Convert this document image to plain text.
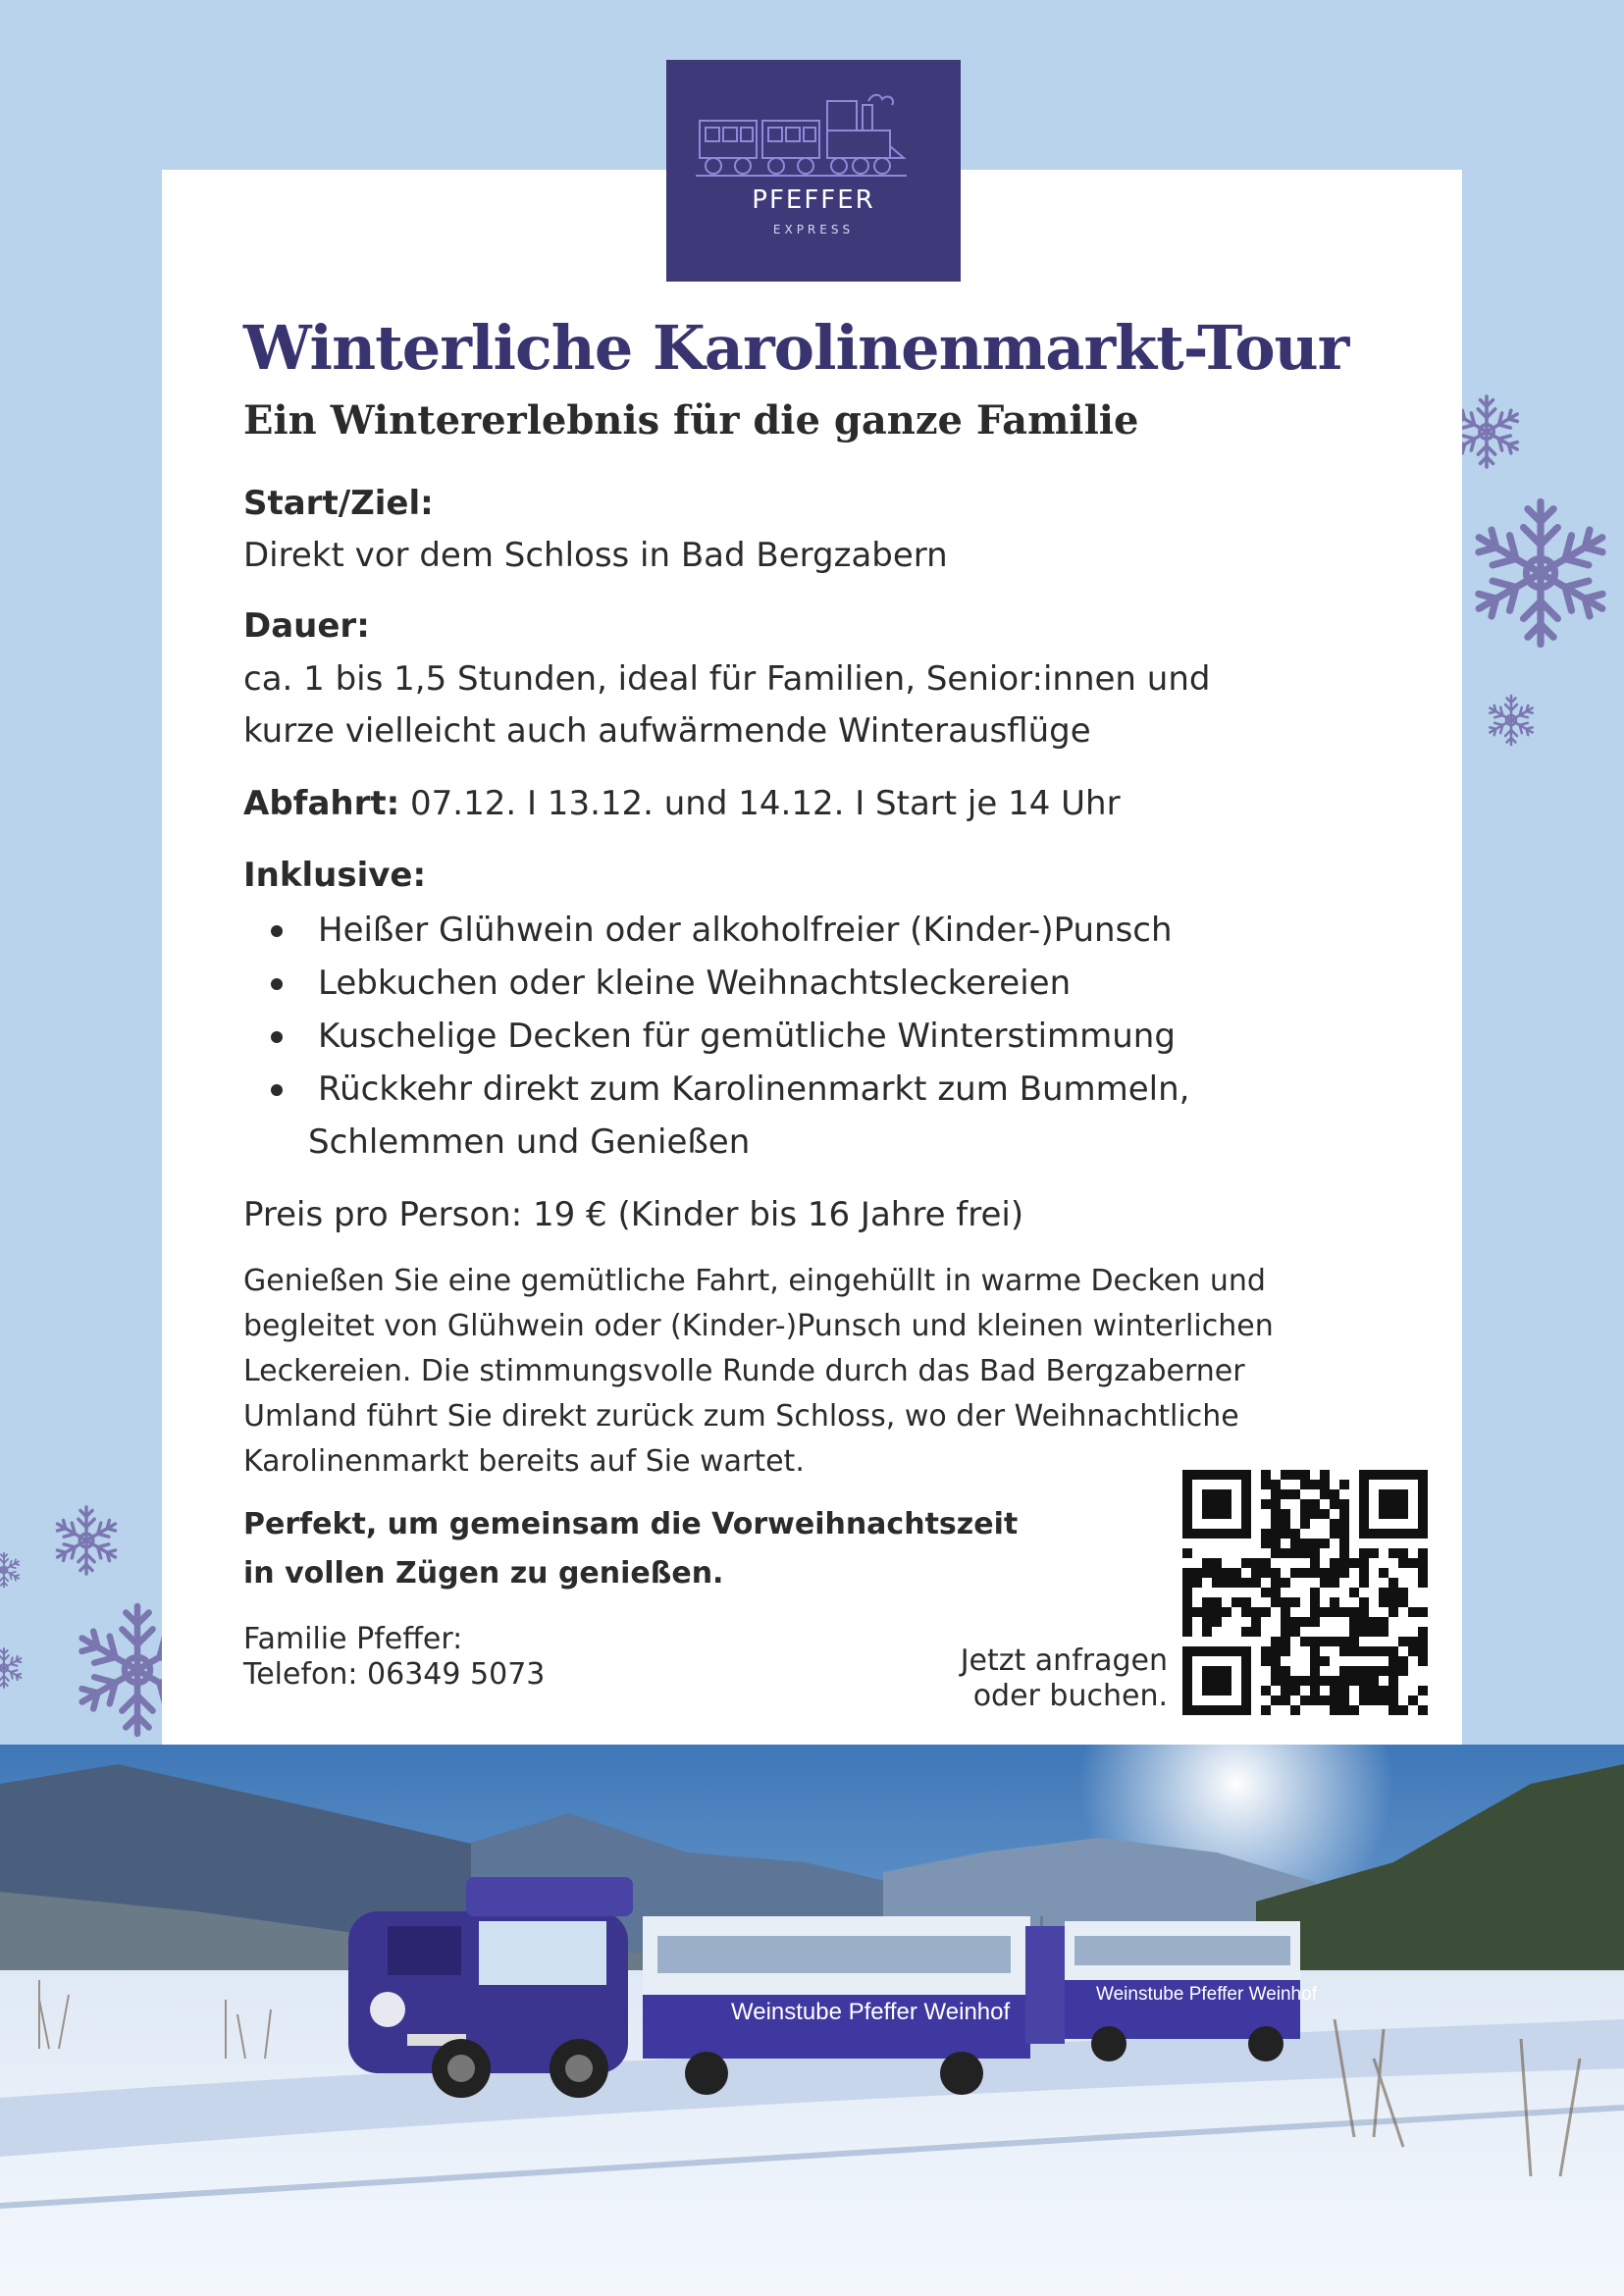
PFEFFER
EXPRESS
Winterliche Karolinenmarkt-Tour
Ein Wintererlebnis für die ganze Familie
Start/Ziel:
Direkt vor dem Schloss in Bad Bergzabern
Dauer:
ca. 1 bis 1,5 Stunden, ideal für Familien, Senior:innen und
kurze vielleicht auch aufwärmende Winterausflüge
Abfahrt: 07.12. I 13.12. und 14.12. I Start je 14 Uhr
Inklusive:
Heißer Glühwein oder alkoholfreier (Kinder-)Punsch
Lebkuchen oder kleine Weihnachtsleckereien
Kuschelige Decken für gemütliche Winterstimmung
Rückkehr direkt zum Karolinenmarkt zum Bummeln,
Schlemmen und Genießen
Preis pro Person: 19 € (Kinder bis 16 Jahre frei)
Genießen Sie eine gemütliche Fahrt, eingehüllt in warme Decken und
begleitet von Glühwein oder (Kinder-)Punsch und kleinen winterlichen
Leckereien. Die stimmungsvolle Runde durch das Bad Bergzaberner
Umland führt Sie direkt zurück zum Schloss, wo der Weihnachtliche
Karolinenmarkt bereits auf Sie wartet.
Perfekt, um gemeinsam die Vorweihnachtszeit
in vollen Zügen zu genießen.
Familie Pfeffer:
Telefon: 06349 5073	Jetzt anfragen
oder buchen.
Weinstube Pfeffer Weinhof
Weinstube Pfeffer Weinhof
